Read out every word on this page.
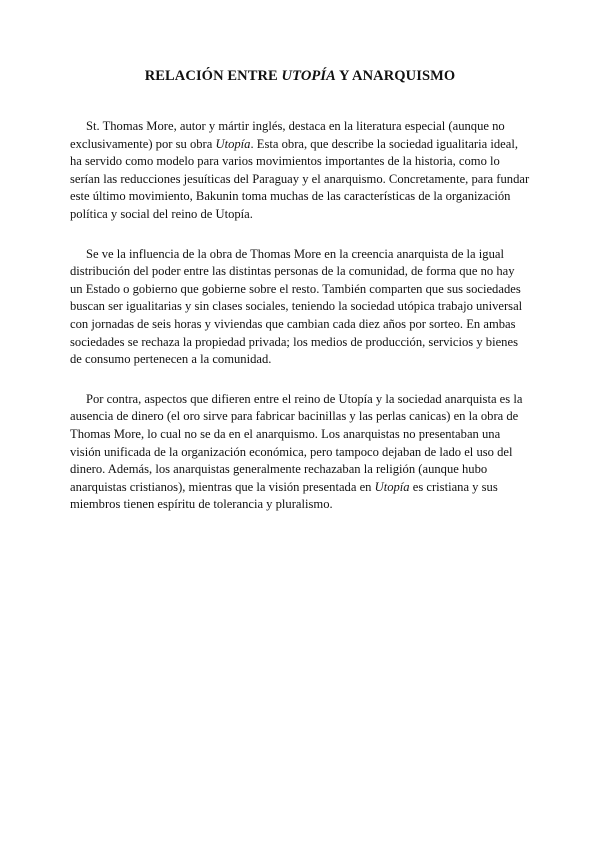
RELACIÓN ENTRE UTOPÍA Y ANARQUISMO

St. Thomas More, autor y mártir inglés, destaca en la literatura especial (aunque no exclusivamente) por su obra Utopía. Esta obra, que describe la sociedad igualitaria ideal, ha servido como modelo para varios movimientos importantes de la historia, como lo serían las reducciones jesuíticas del Paraguay y el anarquismo. Concretamente, para fundar este último movimiento, Bakunin toma muchas de las características de la organización política y social del reino de Utopía.

Se ve la influencia de la obra de Thomas More en la creencia anarquista de la igual distribución del poder entre las distintas personas de la comunidad, de forma que no hay un Estado o gobierno que gobierne sobre el resto. También comparten que sus sociedades buscan ser igualitarias y sin clases sociales, teniendo la sociedad utópica trabajo universal con jornadas de seis horas y viviendas que cambian cada diez años por sorteo. En ambas sociedades se rechaza la propiedad privada; los medios de producción, servicios y bienes de consumo pertenecen a la comunidad.

Por contra, aspectos que difieren entre el reino de Utopía y la sociedad anarquista es la ausencia de dinero (el oro sirve para fabricar bacinillas y las perlas canicas) en la obra de Thomas More, lo cual no se da en el anarquismo. Los anarquistas no presentaban una visión unificada de la organización económica, pero tampoco dejaban de lado el uso del dinero. Además, los anarquistas generalmente rechazaban la religión (aunque hubo anarquistas cristianos), mientras que la visión presentada en Utopía es cristiana y sus miembros tienen espíritu de tolerancia y pluralismo.
